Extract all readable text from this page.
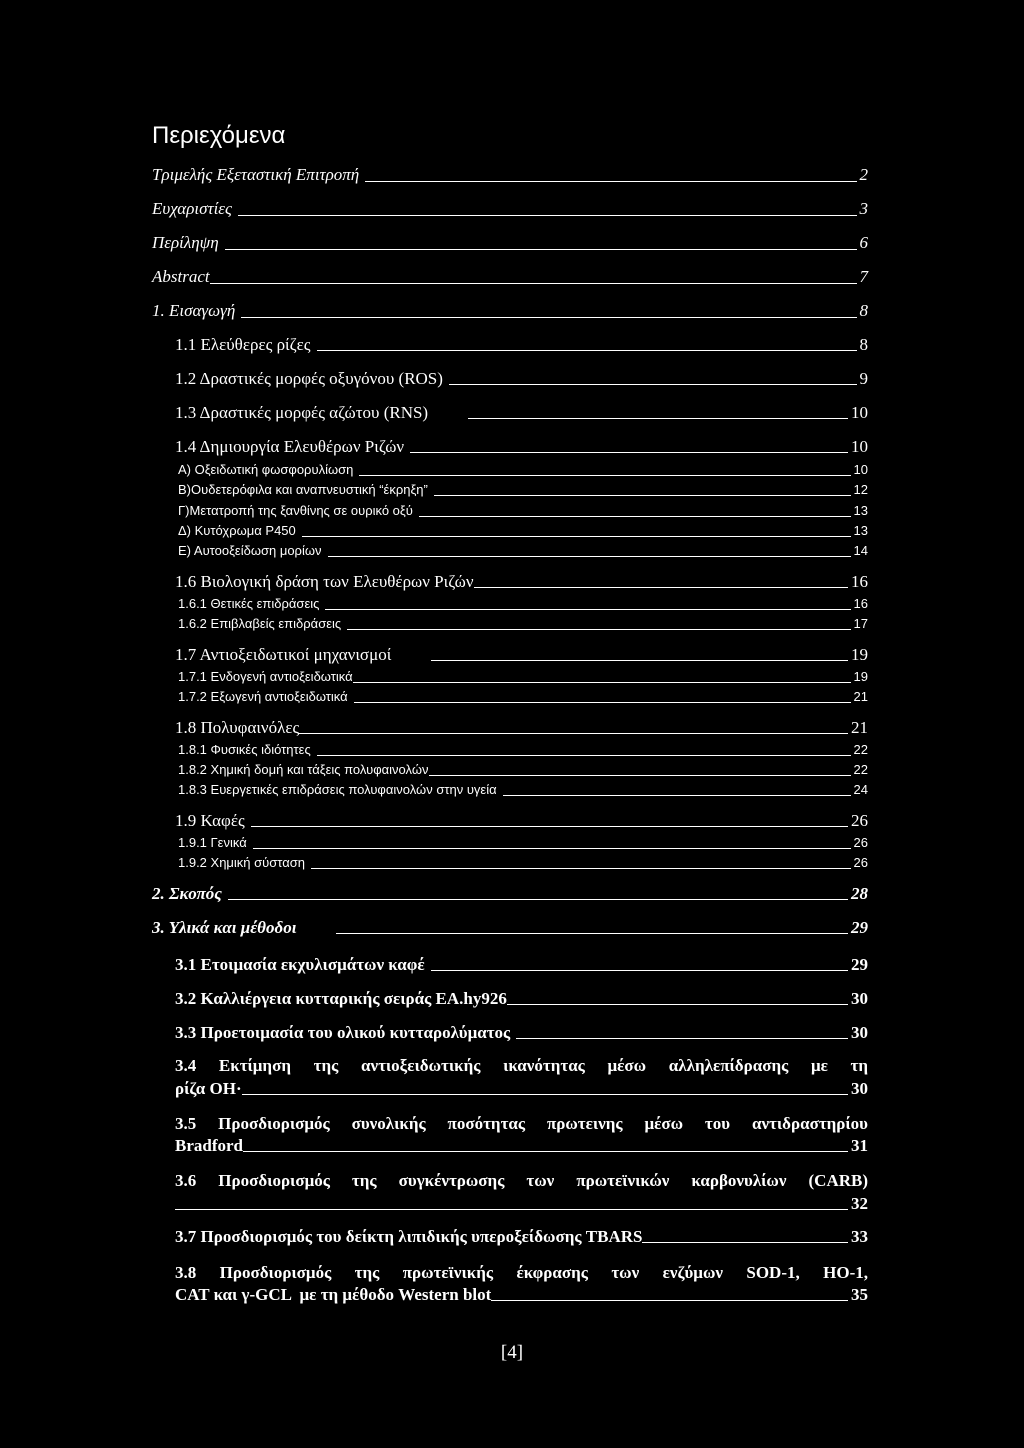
Περιεχόμενα
Τριμελής Εξεταστική Επιτροπή	2
Ευχαριστίες	3
Περίληψη	6
Abstract	7
1. Εισαγωγή	8
1.1 Ελεύθερες ρίζες	8
1.2 Δραστικές μορφές οξυγόνου (ROS)	9
1.3 Δραστικές μορφές αζώτου (RNS)	10
1.4 Δημιουργία Ελευθέρων Ριζών	10
Α) Οξειδωτική φωσφορυλίωση	10
Β)Ουδετερόφιλα και αναπνευστική “έκρηξη”	12
Γ)Μετατροπή της ξανθίνης σε ουρικό οξύ	13
Δ) Κυτόχρωμα P450	13
Ε) Αυτοοξείδωση μορίων	14
1.6 Βιολογική δράση των Ελευθέρων Ριζών	16
1.6.1 Θετικές επιδράσεις	16
1.6.2 Επιβλαβείς επιδράσεις	17
1.7 Αντιοξειδωτικοί μηχανισμοί	19
1.7.1 Ενδογενή αντιοξειδωτικά	19
1.7.2 Εξωγενή αντιοξειδωτικά	21
1.8 Πολυφαινόλες	21
1.8.1 Φυσικές ιδιότητες	22
1.8.2 Χημική δομή και τάξεις πολυφαινολών	22
1.8.3 Ευεργετικές επιδράσεις πολυφαινολών στην υγεία	24
1.9 Καφές	26
1.9.1 Γενικά	26
1.9.2 Χημική σύσταση	26
2. Σκοπός	28
3. Υλικά και μέθοδοι	29
3.1 Ετοιμασία εκχυλισμάτων καφέ	29
3.2 Καλλιέργεια κυτταρικής σειράς EA.hy926	30
3.3 Προετοιμασία του ολικού κυτταρολύματος	30
3.4 Εκτίμηση της αντιοξειδωτικής ικανότητας μέσω αλληλεπίδρασης με τη
ρίζα ΟΗ·	30
3.5 Προσδιορισμός συνολικής ποσότητας πρωτεινης μέσω του αντιδραστηρίου
Bradford	31
3.6 Προσδιορισμός της συγκέντρωσης των πρωτεϊνικών καρβονυλίων (CARB)
32
3.7 Προσδιορισμός του δείκτη λιπιδικής υπεροξείδωσης TBARS	33
3.8 Προσδιορισμός της πρωτεϊνικής έκφρασης των ενζύμων SOD-1, HO-1,
CAT και γ-GCL  με τη μέθοδο Western blot	35
[4]
